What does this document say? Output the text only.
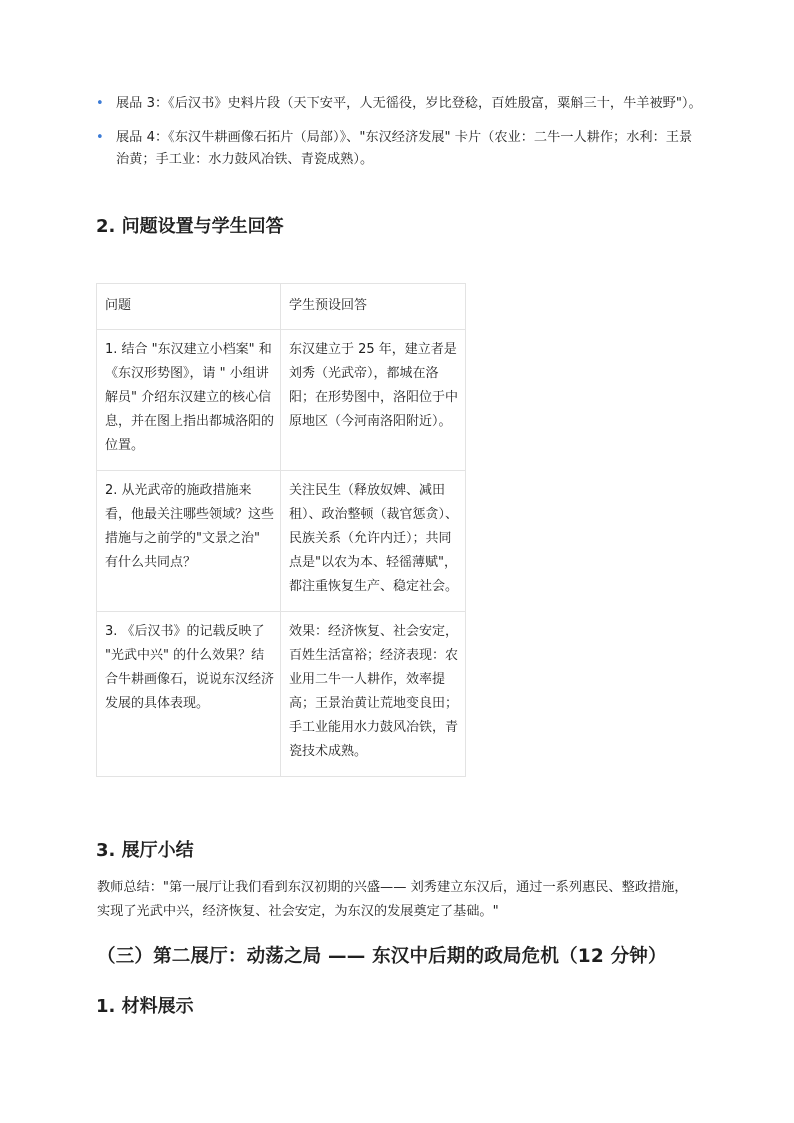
• 展品 3：《后汉书》史料片段（天下安平，人无徭役，岁比登稔，百姓殷富，粟斛三十，牛羊被野"）。
• 展品 4：《东汉牛耕画像石拓片（局部）》、"东汉经济发展" 卡片（农业：二牛一人耕作；水利：王景治黄；手工业：水力鼓风冶铁、青瓷成熟）。
2. 问题设置与学生回答
问题	学生预设回答
1. 结合 "东汉建立小档案" 和《东汉形势图》，请 " 小组讲解员" 介绍东汉建立的核心信息，并在图上指出都城洛阳的位置。	东汉建立于 25 年，建立者是刘秀（光武帝），都城在洛阳；在形势图中，洛阳位于中原地区（今河南洛阳附近）。
2. 从光武帝的施政措施来看，他最关注哪些领域？这些措施与之前学的"文景之治" 有什么共同点？	关注民生（释放奴婢、减田租）、政治整顿（裁官惩贪）、民族关系（允许内迁）；共同点是"以农为本、轻徭薄赋"，都注重恢复生产、稳定社会。
3. 《后汉书》的记载反映了 "光武中兴" 的什么效果？结合牛耕画像石，说说东汉经济发展的具体表现。	效果：经济恢复、社会安定，百姓生活富裕；经济表现：农业用二牛一人耕作，效率提高；王景治黄让荒地变良田；手工业能用水力鼓风冶铁，青瓷技术成熟。
3. 展厅小结

教师总结："第一展厅让我们看到东汉初期的兴盛—— 刘秀建立东汉后，通过一系列惠民、整政措施，实现了光武中兴，经济恢复、社会安定，为东汉的发展奠定了基础。"

（三）第二展厅：动荡之局 —— 东汉中后期的政局危机（12 分钟）
1. 材料展示
